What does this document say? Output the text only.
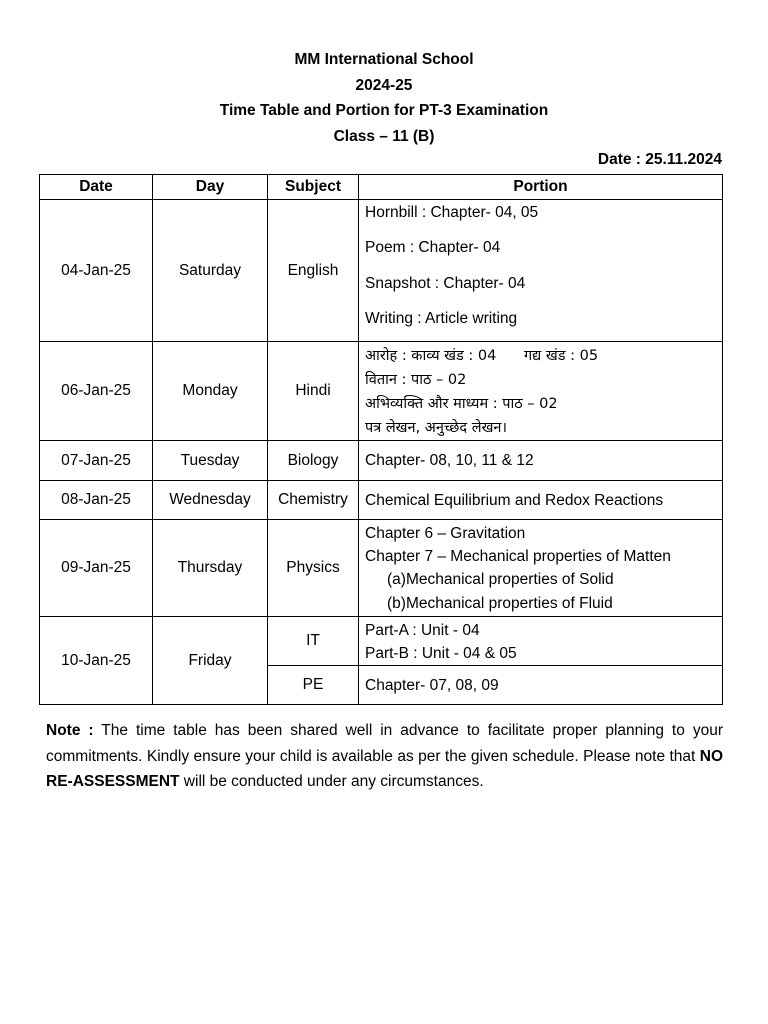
MM International School
2024-25
Time Table and Portion for PT-3 Examination
Class – 11 (B)
Date : 25.11.2024
Date	Day	Subject	Portion
04-Jan-25	Saturday	English	Hornbill : Chapter- 04, 05
Poem : Chapter- 04
Snapshot : Chapter- 04
Writing : Article writing

06-Jan-25	Monday	Hindi	आरोह : काव्य खंड : 04      गद्य खंड : 05
वितान : पाठ – 02
अभिव्यक्ति और माध्यम : पाठ – 02
पत्र लेखन, अनुच्छेद लेखन।

07-Jan-25	Tuesday	Biology	Chapter- 08, 10, 11 & 12

08-Jan-25	Wednesday	Chemistry	Chemical Equilibrium and Redox Reactions

09-Jan-25	Thursday	Physics	Chapter 6 – Gravitation
Chapter 7 – Mechanical properties of Matten
(a)Mechanical properties of Solid
(b)Mechanical properties of Fluid

10-Jan-25	Friday	IT	Part-A : Unit - 04
Part-B : Unit - 04 & 05

		PE	Chapter- 07, 08, 09
Note : The time table has been shared well in advance to facilitate proper planning to your commitments. Kindly ensure your child is available as per the given schedule. Please note that NO RE-ASSESSMENT will be conducted under any circumstances.
